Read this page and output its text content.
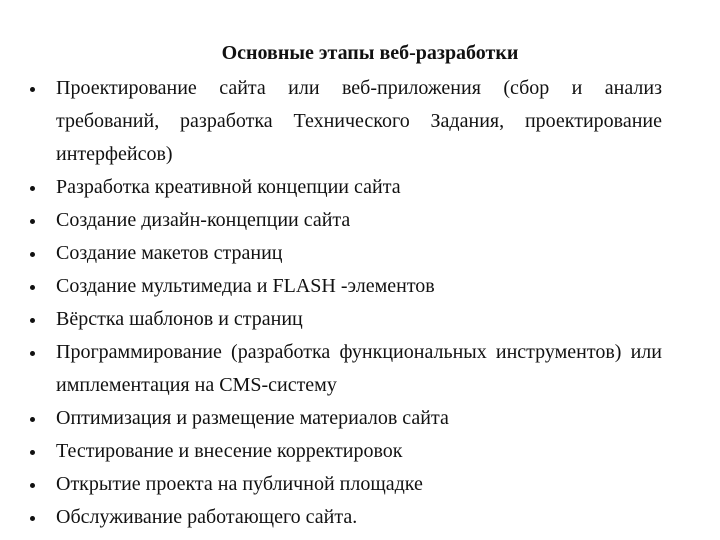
Основные этапы веб-разработки
Проектирование сайта или веб-приложения (сбор и анализ требований, разработка Технического Задания, проектирование интерфейсов)
Разработка креативной концепции сайта
Создание дизайн-концепции сайта
Создание макетов страниц
Создание мультимедиа и FLASH -элементов
Вёрстка шаблонов и страниц
Программирование (разработка функциональных инструментов) или имплементация на CMS-систему
Оптимизация и размещение материалов сайта
Тестирование и внесение корректировок
Открытие проекта на публичной площадке
Обслуживание работающего сайта.
